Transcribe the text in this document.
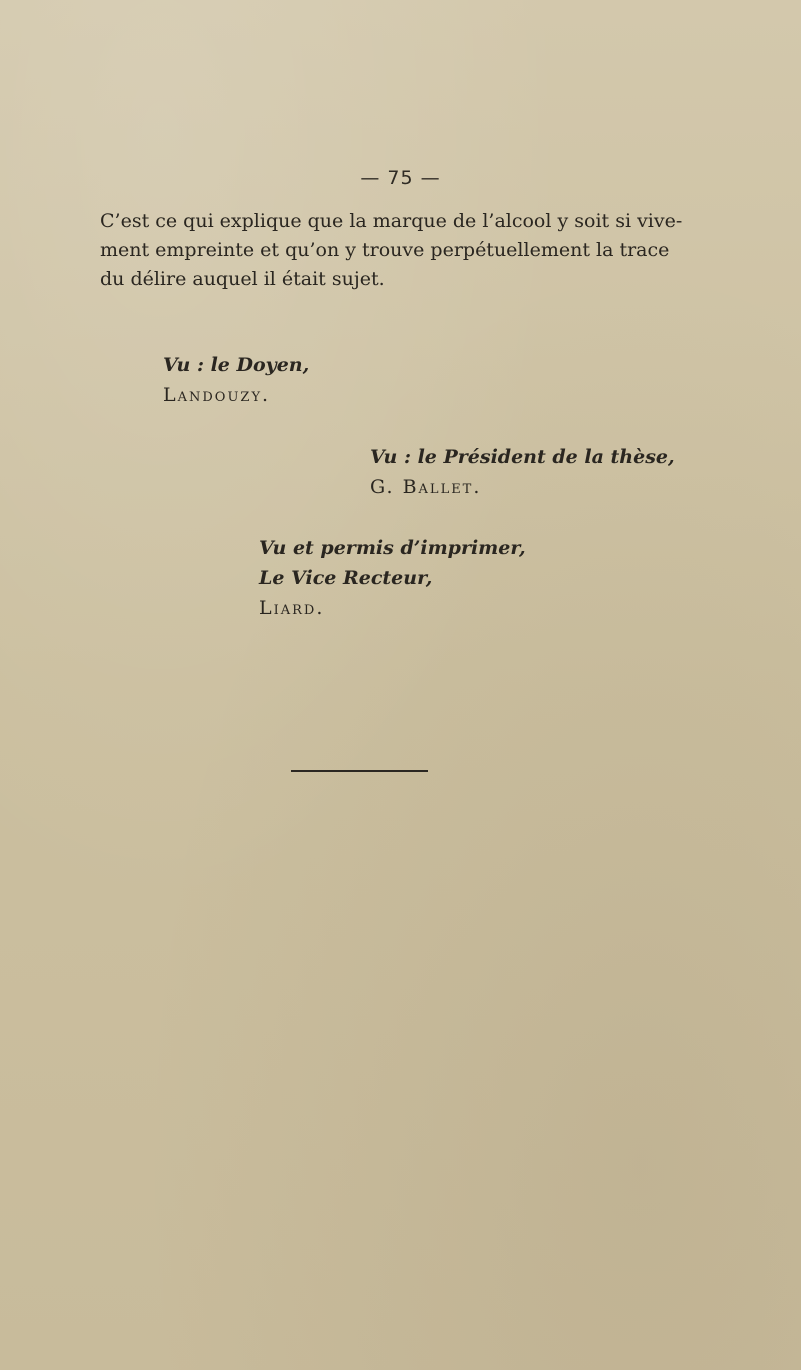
— 75 —

C’est ce qui explique que la marque de l’alcool y soit si vive-
ment empreinte et qu’on y trouve perpétuellement la trace
du délire auquel il était sujet.

Vu : le Doyen,
Landouzy.
Vu : le Président de la thèse,
G. Ballet.
Vu et permis d’imprimer,
Le Vice Recteur,
Liard.
